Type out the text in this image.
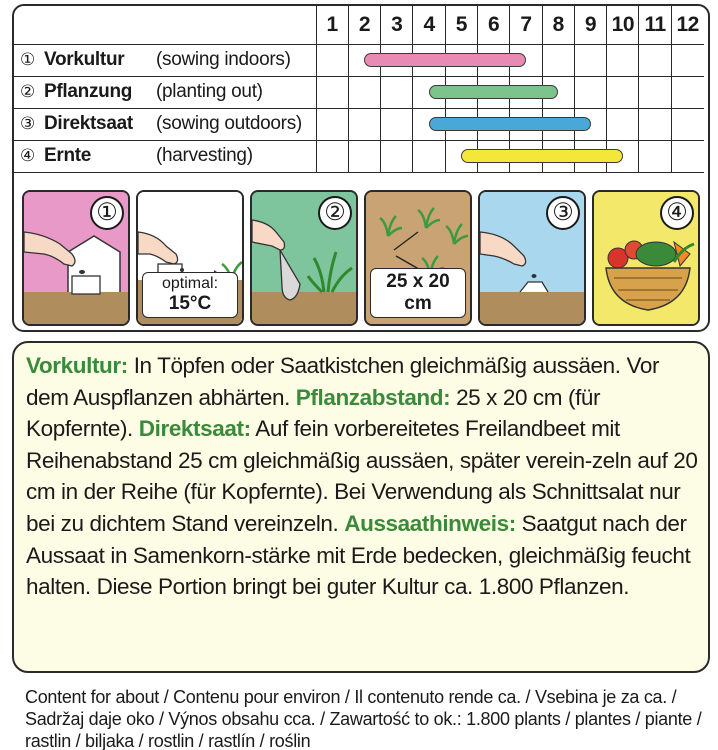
	1	2	3	4	5	6	7	8	9	10	11	12
① Vorkultur (sowing indoors)												
② Pflanzung (planting out)												
③ Direktsaat (sowing outdoors)												
④ Ernte (harvesting)												
①
optimal: 15°C
②
25 x 20 cm
③	④
Vorkultur: In Töpfen oder Saatkistchen gleichmäßig aussäen. Vor dem Auspflanzen abhärten. Pflanzabstand: 25 x 20 cm (für Kopfernte). Direktsaat: Auf fein vorbereitetes Freilandbeet mit Reihenabstand 25 cm gleichmäßig aussäen, später verein-zeln auf 20 cm in der Reihe (für Kopfernte). Bei Verwendung als Schnittsalat nur bei zu dichtem Stand vereinzeln. Aussaathinweis: Saatgut nach der Aussaat in Samenkorn-stärke mit Erde bedecken, gleichmäßig feucht halten. Diese Portion bringt bei guter Kultur ca. 1.800 Pflanzen.
Content for about / Contenu pour environ / Il contenuto rende ca. / Vsebina je za ca. / Sadržaj daje oko / Výnos obsahu cca. / Zawartość to ok.: 1.800 plants / plantes / piante / rastlin / biljaka / rostlin / rastlín / roślin
